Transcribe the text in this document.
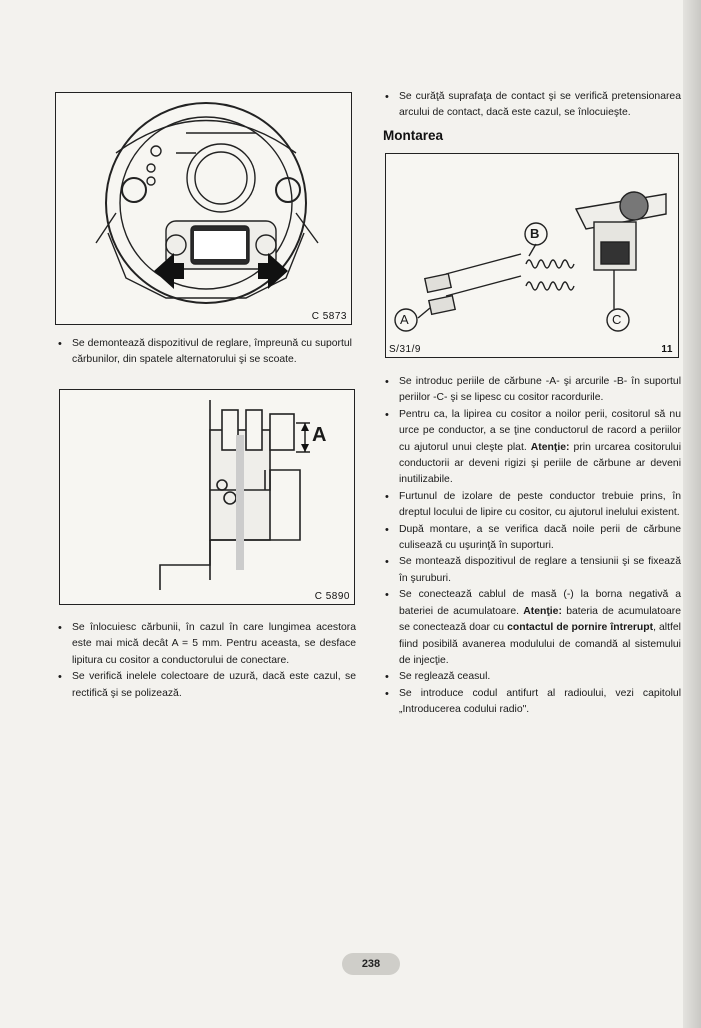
C 5873
• Se demontează dispozitivul de reglare, împreună cu suportul cărbunilor, din spatele alternatorului şi se scoate.
A
C 5890
• Se înlocuiesc cărbunii, în cazul în care lungimea acestora este mai mică decât A = 5 mm. Pentru aceasta, se desface lipitura cu cositor a conductorului de conectare.
• Se verifică inelele colectoare de uzură, dacă este cazul, se rectifică şi se polizează.
• Se curăţă suprafaţa de contact şi se verifică pretensionarea arcului de contact, dacă este cazul, se înlocuieşte.
Montarea
A
B
C
S/31/9	11
• Se introduc periile de cărbune -A- şi arcurile -B- în suportul periilor -C- şi se lipesc cu cositor racordurile.
• Pentru ca, la lipirea cu cositor a noilor perii, cositorul să nu urce pe conductor, a se ţine conductorul de racord a periilor cu ajutorul unui cleşte plat. Atenţie: prin urcarea cositorului conductorii ar deveni rigizi şi periile de cărbune ar deveni inutilizabile.
• Furtunul de izolare de peste conductor trebuie prins, în dreptul locului de lipire cu cositor, cu ajutorul inelului existent.
• După montare, a se verifica dacă noile perii de cărbune culisează cu uşurinţă în suporturi.
• Se montează dispozitivul de reglare a tensiunii şi se fixează în şuruburi.
• Se conectează cablul de masă (-) la borna negativă a bateriei de acumulatoare. Atenţie: bateria de acumulatoare se conectează doar cu contactul de pornire întrerupt, altfel fiind posibilă avanerea modulului de comandă al sistemului de injecţie.
• Se reglează ceasul.
• Se introduce codul antifurt al radioului, vezi capitolul „Introducerea codului radio".
238
